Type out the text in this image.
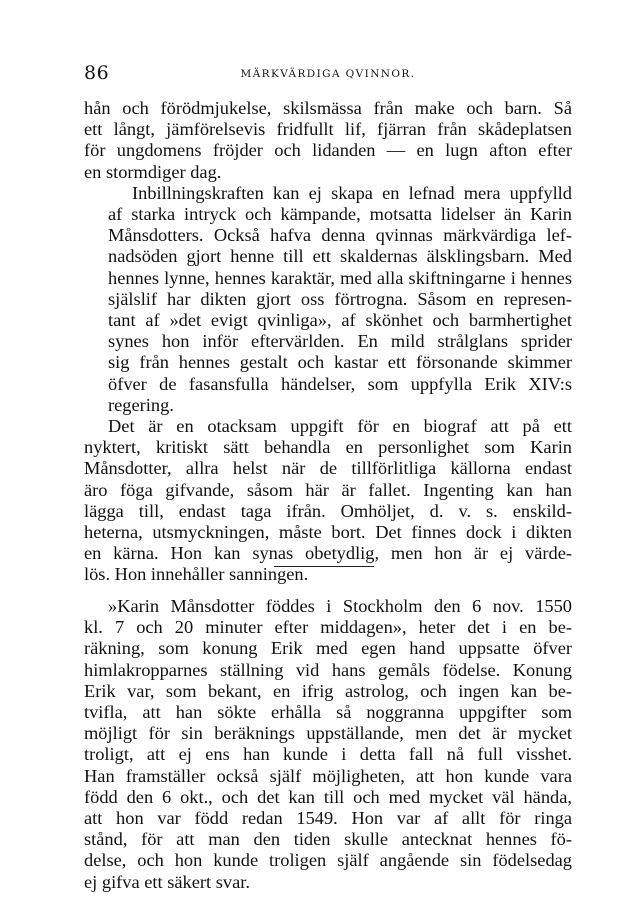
86	MÄRKVÄRDIGA QVINNOR.

hån och förödmjukelse, skilsmässa från make och barn. Så
ett långt, jämförelsevis fridfullt lif, fjärran från skådeplatsen
för ungdomens fröjder och lidanden — en lugn afton efter
en stormdiger dag.

Inbillningskraften kan ej skapa en lefnad mera uppfylld
af starka intryck och kämpande, motsatta lidelser än Karin
Månsdotters. Också hafva denna qvinnas märkvärdiga lef-
nadsöden gjort henne till ett skaldernas älsklingsbarn. Med
hennes lynne, hennes karaktär, med alla skiftningarne i hennes
själslif har dikten gjort oss förtrogna. Såsom en represen-
tant af »det evigt qvinliga», af skönhet och barmhertighet
synes hon inför eftervärlden. En mild strålglans sprider
sig från hennes gestalt och kastar ett försonande skimmer
öfver de fasansfulla händelser, som uppfylla Erik XIV:s
regering.

Det är en otacksam uppgift för en biograf att på ett
nyktert, kritiskt sätt behandla en personlighet som Karin
Månsdotter, allra helst när de tillförlitliga källorna endast
äro föga gifvande, såsom här är fallet. Ingenting kan han
lägga till, endast taga ifrån. Omhöljet, d. v. s. enskild-
heterna, utsmyckningen, måste bort. Det finnes dock i dikten
en kärna. Hon kan synas obetydlig, men hon är ej värde-
lös. Hon innehåller sanningen.

»Karin Månsdotter föddes i Stockholm den 6 nov. 1550
kl. 7 och 20 minuter efter middagen», heter det i en be-
räkning, som konung Erik med egen hand uppsatte öfver
himlakropparnes ställning vid hans gemåls födelse. Konung
Erik var, som bekant, en ifrig astrolog, och ingen kan be-
tvifla, att han sökte erhålla så noggranna uppgifter som
möjligt för sin beräknings uppställande, men det är mycket
troligt, att ej ens han kunde i detta fall nå full visshet.
Han framställer också själf möjligheten, att hon kunde vara
född den 6 okt., och det kan till och med mycket väl hända,
att hon var född redan 1549. Hon var af allt för ringa
stånd, för att man den tiden skulle antecknat hennes fö-
delse, och hon kunde troligen själf angående sin födelsedag
ej gifva ett säkert svar.
